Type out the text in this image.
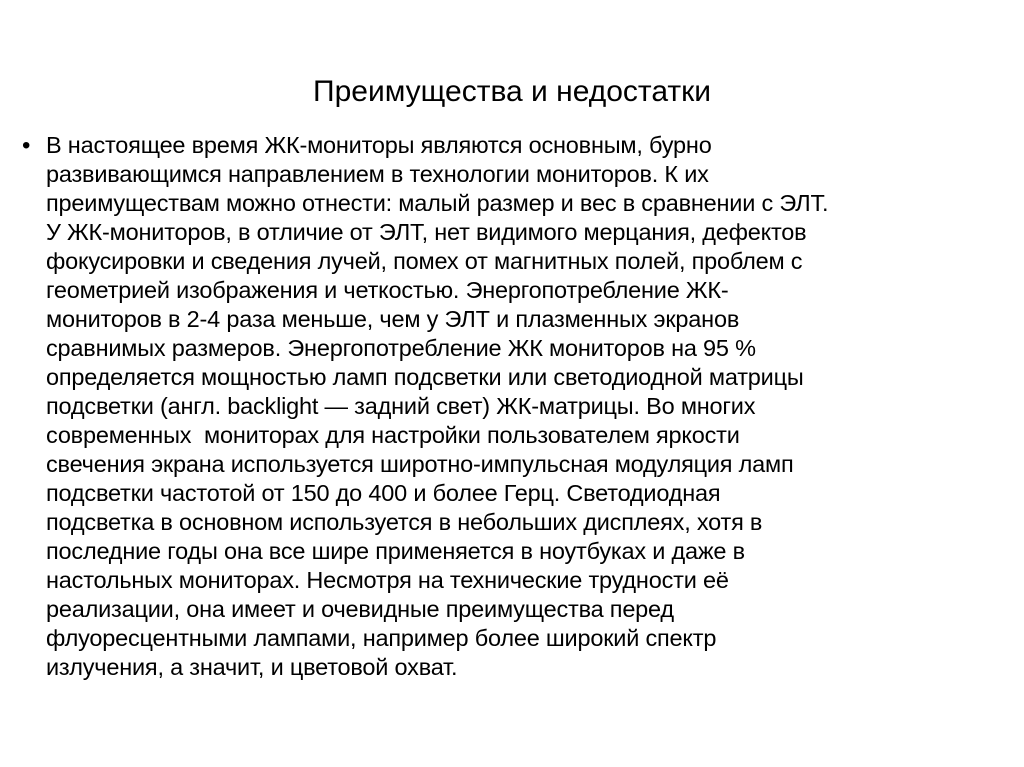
Преимущества и недостатки
• В настоящее время ЖК-мониторы являются основным, бурно
развивающимся направлением в технологии мониторов. К их
преимуществам можно отнести: малый размер и вес в сравнении с ЭЛТ.
У ЖК-мониторов, в отличие от ЭЛТ, нет видимого мерцания, дефектов
фокусировки и сведения лучей, помех от магнитных полей, проблем с
геометрией изображения и четкостью. Энергопотребление ЖК-
мониторов в 2-4 раза меньше, чем у ЭЛТ и плазменных экранов
сравнимых размеров. Энергопотребление ЖК мониторов на 95 %
определяется мощностью ламп подсветки или светодиодной матрицы
подсветки (англ. backlight — задний свет) ЖК-матрицы. Во многих
современных  мониторах для настройки пользователем яркости
свечения экрана используется широтно-импульсная модуляция ламп
подсветки частотой от 150 до 400 и более Герц. Светодиодная
подсветка в основном используется в небольших дисплеях, хотя в
последние годы она все шире применяется в ноутбуках и даже в
настольных мониторах. Несмотря на технические трудности её
реализации, она имеет и очевидные преимущества перед
флуоресцентными лампами, например более широкий спектр
излучения, а значит, и цветовой охват.
